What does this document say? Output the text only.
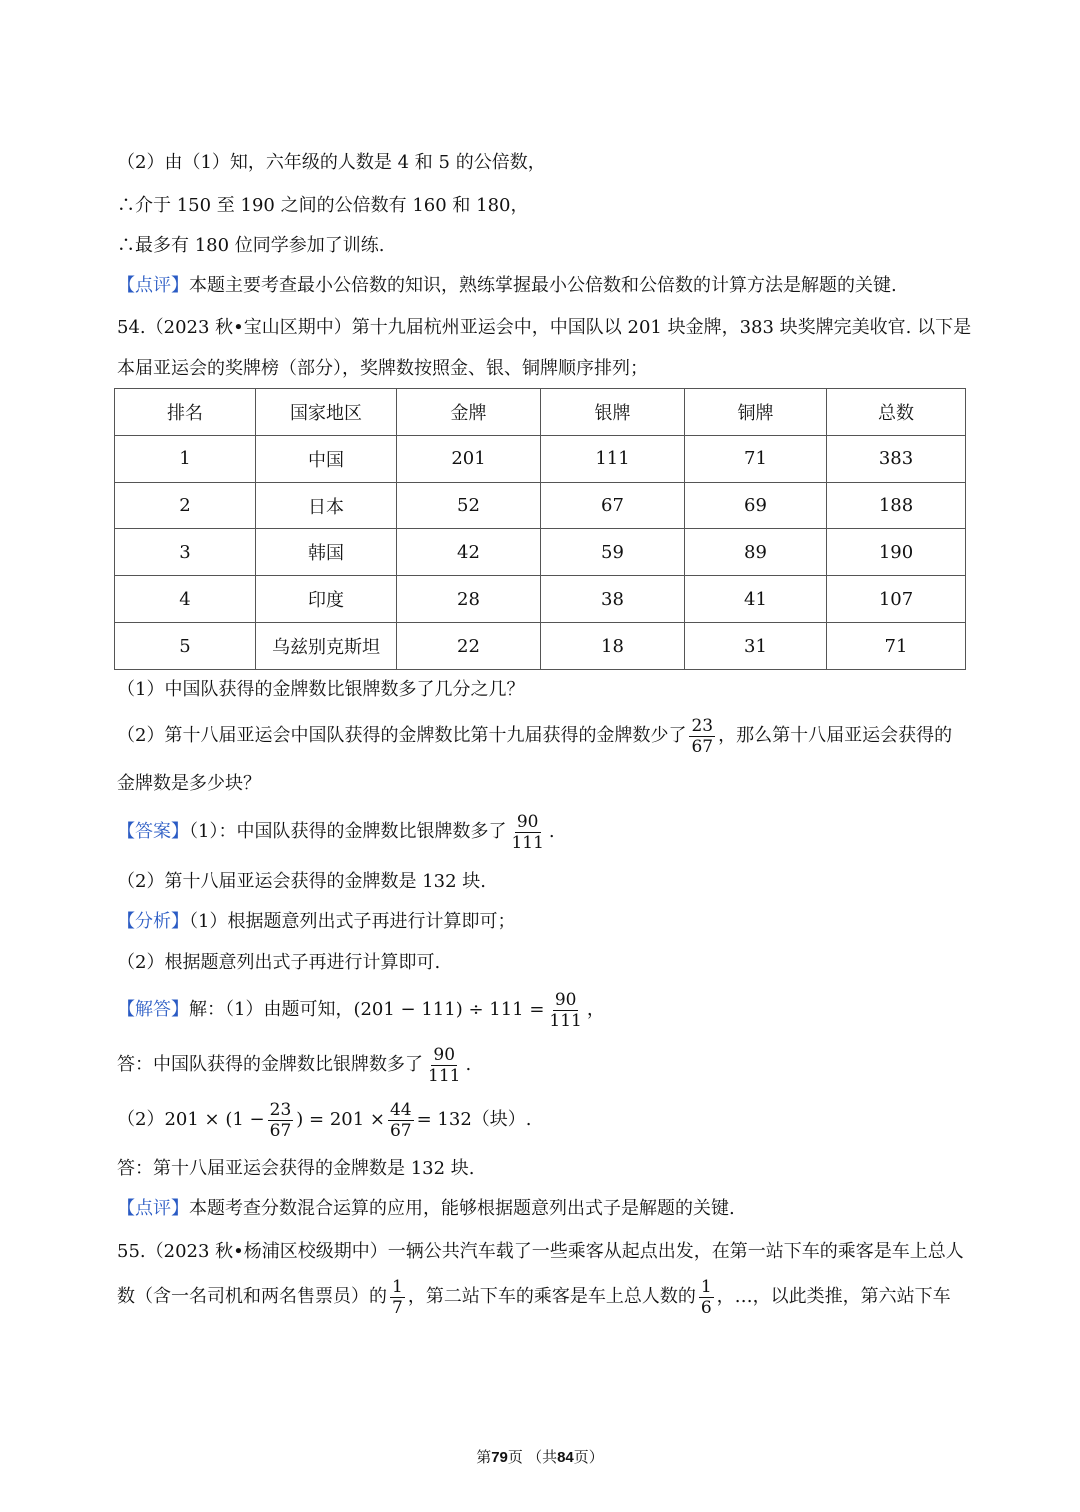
（2）由（1）知，六年级的人数是 4 和 5 的公倍数，
∴介于 150 至 190 之间的公倍数有 160 和 180，
∴最多有 180 位同学参加了训练.
【点评】本题主要考查最小公倍数的知识，熟练掌握最小公倍数和公倍数的计算方法是解题的关键.
54.（2023 秋•宝山区期中）第十九届杭州亚运会中，中国队以 201 块金牌，383 块奖牌完美收官. 以下是
本届亚运会的奖牌榜（部分），奖牌数按照金、银、铜牌顺序排列；
排名	国家地区	金牌	银牌	铜牌	总数
1	中国	201	111	71	383
2	日本	52	67	69	188
3	韩国	42	59	89	190
4	印度	28	38	41	107
5	乌兹别克斯坦	22	18	31	71
（1）中国队获得的金牌数比银牌数多了几分之几？
（2）第十八届亚运会中国队获得的金牌数比第十九届获得的金牌数少了 $\frac{23}{67}$ ，那么第十八届亚运会获得的
金牌数是多少块？
【答案】（1）：中国队获得的金牌数比银牌数多了 $\frac{90}{111}$ .
（2）第十八届亚运会获得的金牌数是 132 块.
【分析】（1）根据题意列出式子再进行计算即可；
（2）根据题意列出式子再进行计算即可.
【解答】解：（1）由题可知，$(201 - 111) \div 111 = \frac{90}{111}$ ，
答：中国队获得的金牌数比银牌数多了 $\frac{90}{111}$ .
$(2)201 \times (1 - \frac{23}{67}$ ) = $201 \times \frac{44}{67} = 132$（块）.
答：第十八届亚运会获得的金牌数是 132 块.
【点评】本题考查分数混合运算的应用，能够根据题意列出式子是解题的关键.
55.（2023 秋•杨浦区校级期中）一辆公共汽车载了一些乘客从起点出发，在第一站下车的乘客是车上总人
数（含一名司机和两名售票员）的 $\frac{1}{7}$ ，第二站下车的乘客是车上总人数的 $\frac{1}{6}$ ，…，以此类推，第六站下车
第79页 （共84页）
